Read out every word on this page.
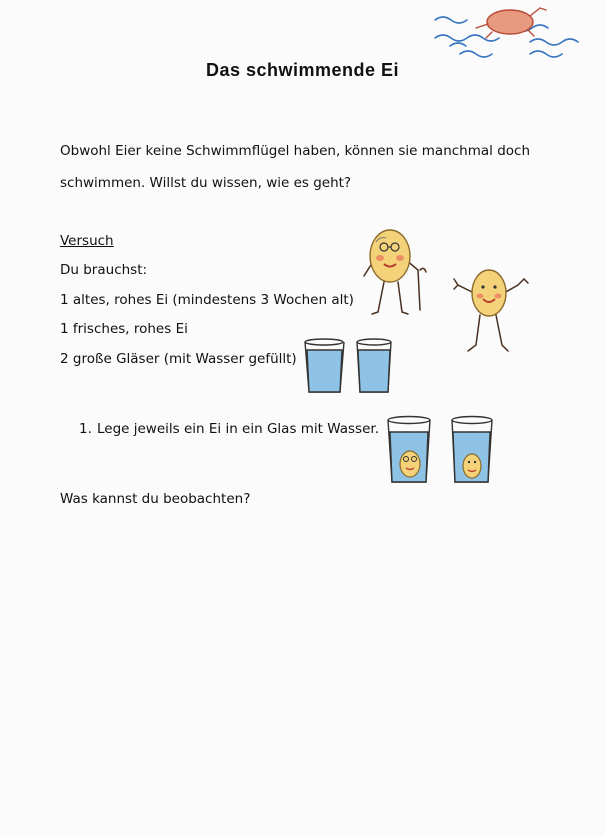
Das schwimmende Ei
Obwohl Eier keine Schwimmflügel haben, können sie manchmal doch
schwimmen. Willst du wissen, wie es geht?
Versuch
Du brauchst:
1 altes, rohes Ei (mindestens 3 Wochen alt)
1 frisches, rohes Ei
2 große Gläser (mit Wasser gefüllt)
1. Lege jeweils ein Ei in ein Glas mit Wasser.
Was kannst du beobachten?
